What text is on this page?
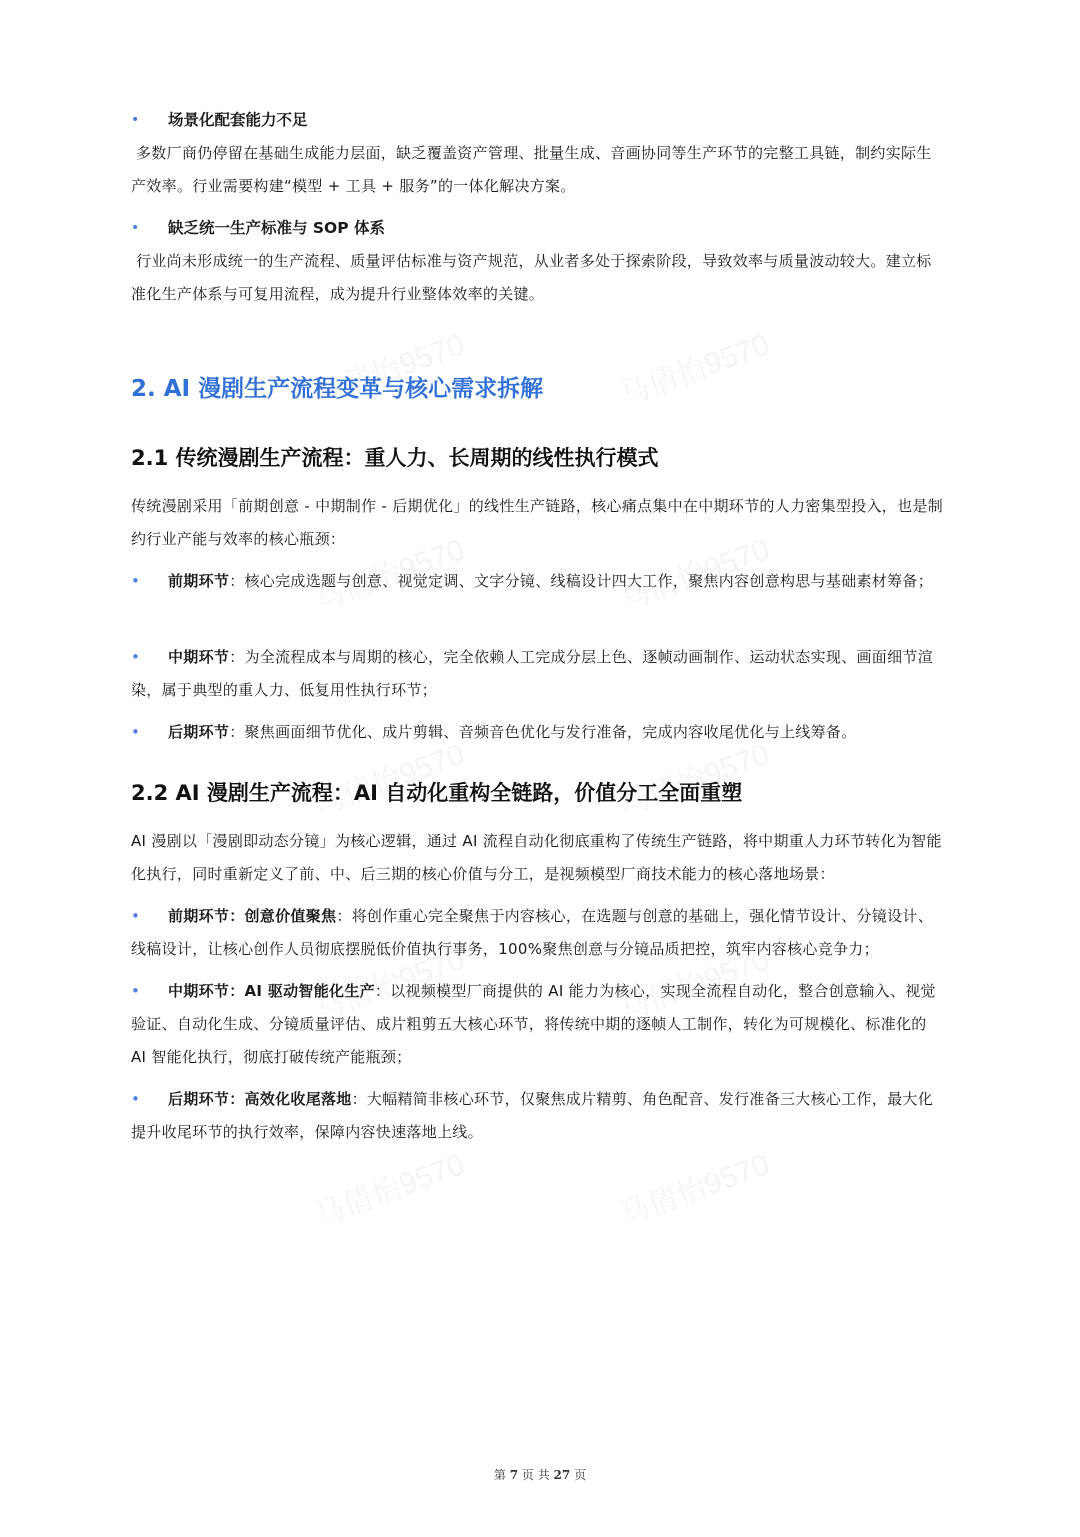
• 场景化配套能力不足
多数厂商仍停留在基础生成能力层面，缺乏覆盖资产管理、批量生成、音画协同等生产环节的完整工具链，制约实际生产效率。行业需要构建“模型 + 工具 + 服务”的一体化解决方案。
• 缺乏统一生产标准与 SOP 体系
行业尚未形成统一的生产流程、质量评估标准与资产规范，从业者多处于探索阶段，导致效率与质量波动较大。建立标准化生产体系与可复用流程，成为提升行业整体效率的关键。
2. AI 漫剧生产流程变革与核心需求拆解
2.1 传统漫剧生产流程：重人力、长周期的线性执行模式
传统漫剧采用「前期创意 - 中期制作 - 后期优化」的线性生产链路，核心痛点集中在中期环节的人力密集型投入，也是制约行业产能与效率的核心瓶颈：
•	前期环节：核心完成选题与创意、视觉定调、文字分镜、线稿设计四大工作，聚焦内容创意构思与基础素材筹备；
•	中期环节：为全流程成本与周期的核心，完全依赖人工完成分层上色、逐帧动画制作、运动状态实现、画面细节渲染，属于典型的重人力、低复用性执行环节；
•	后期环节：聚焦画面细节优化、成片剪辑、音频音色优化与发行准备，完成内容收尾优化与上线筹备。
2.2 AI 漫剧生产流程：AI 自动化重构全链路，价值分工全面重塑
AI 漫剧以「漫剧即动态分镜」为核心逻辑，通过 AI 流程自动化彻底重构了传统生产链路，将中期重人力环节转化为智能化执行，同时重新定义了前、中、后三期的核心价值与分工，是视频模型厂商技术能力的核心落地场景：
•	前期环节：创意价值聚焦：将创作重心完全聚焦于内容核心，在选题与创意的基础上，强化情节设计、分镜设计、线稿设计，让核心创作人员彻底摆脱低价值执行事务，100%聚焦创意与分镜品质把控，筑牢内容核心竞争力；
•	中期环节：AI 驱动智能化生产：以视频模型厂商提供的 AI 能力为核心，实现全流程自动化，整合创意输入、视觉验证、自动化生成、分镜质量评估、成片粗剪五大核心环节，将传统中期的逐帧人工制作，转化为可规模化、标准化的 AI 智能化执行，彻底打破传统产能瓶颈；
•	后期环节：高效化收尾落地：大幅精简非核心环节，仅聚焦成片精剪、角色配音、发行准备三大核心工作，最大化提升收尾环节的执行效率，保障内容快速落地上线。
第 7 页 共 27 页
